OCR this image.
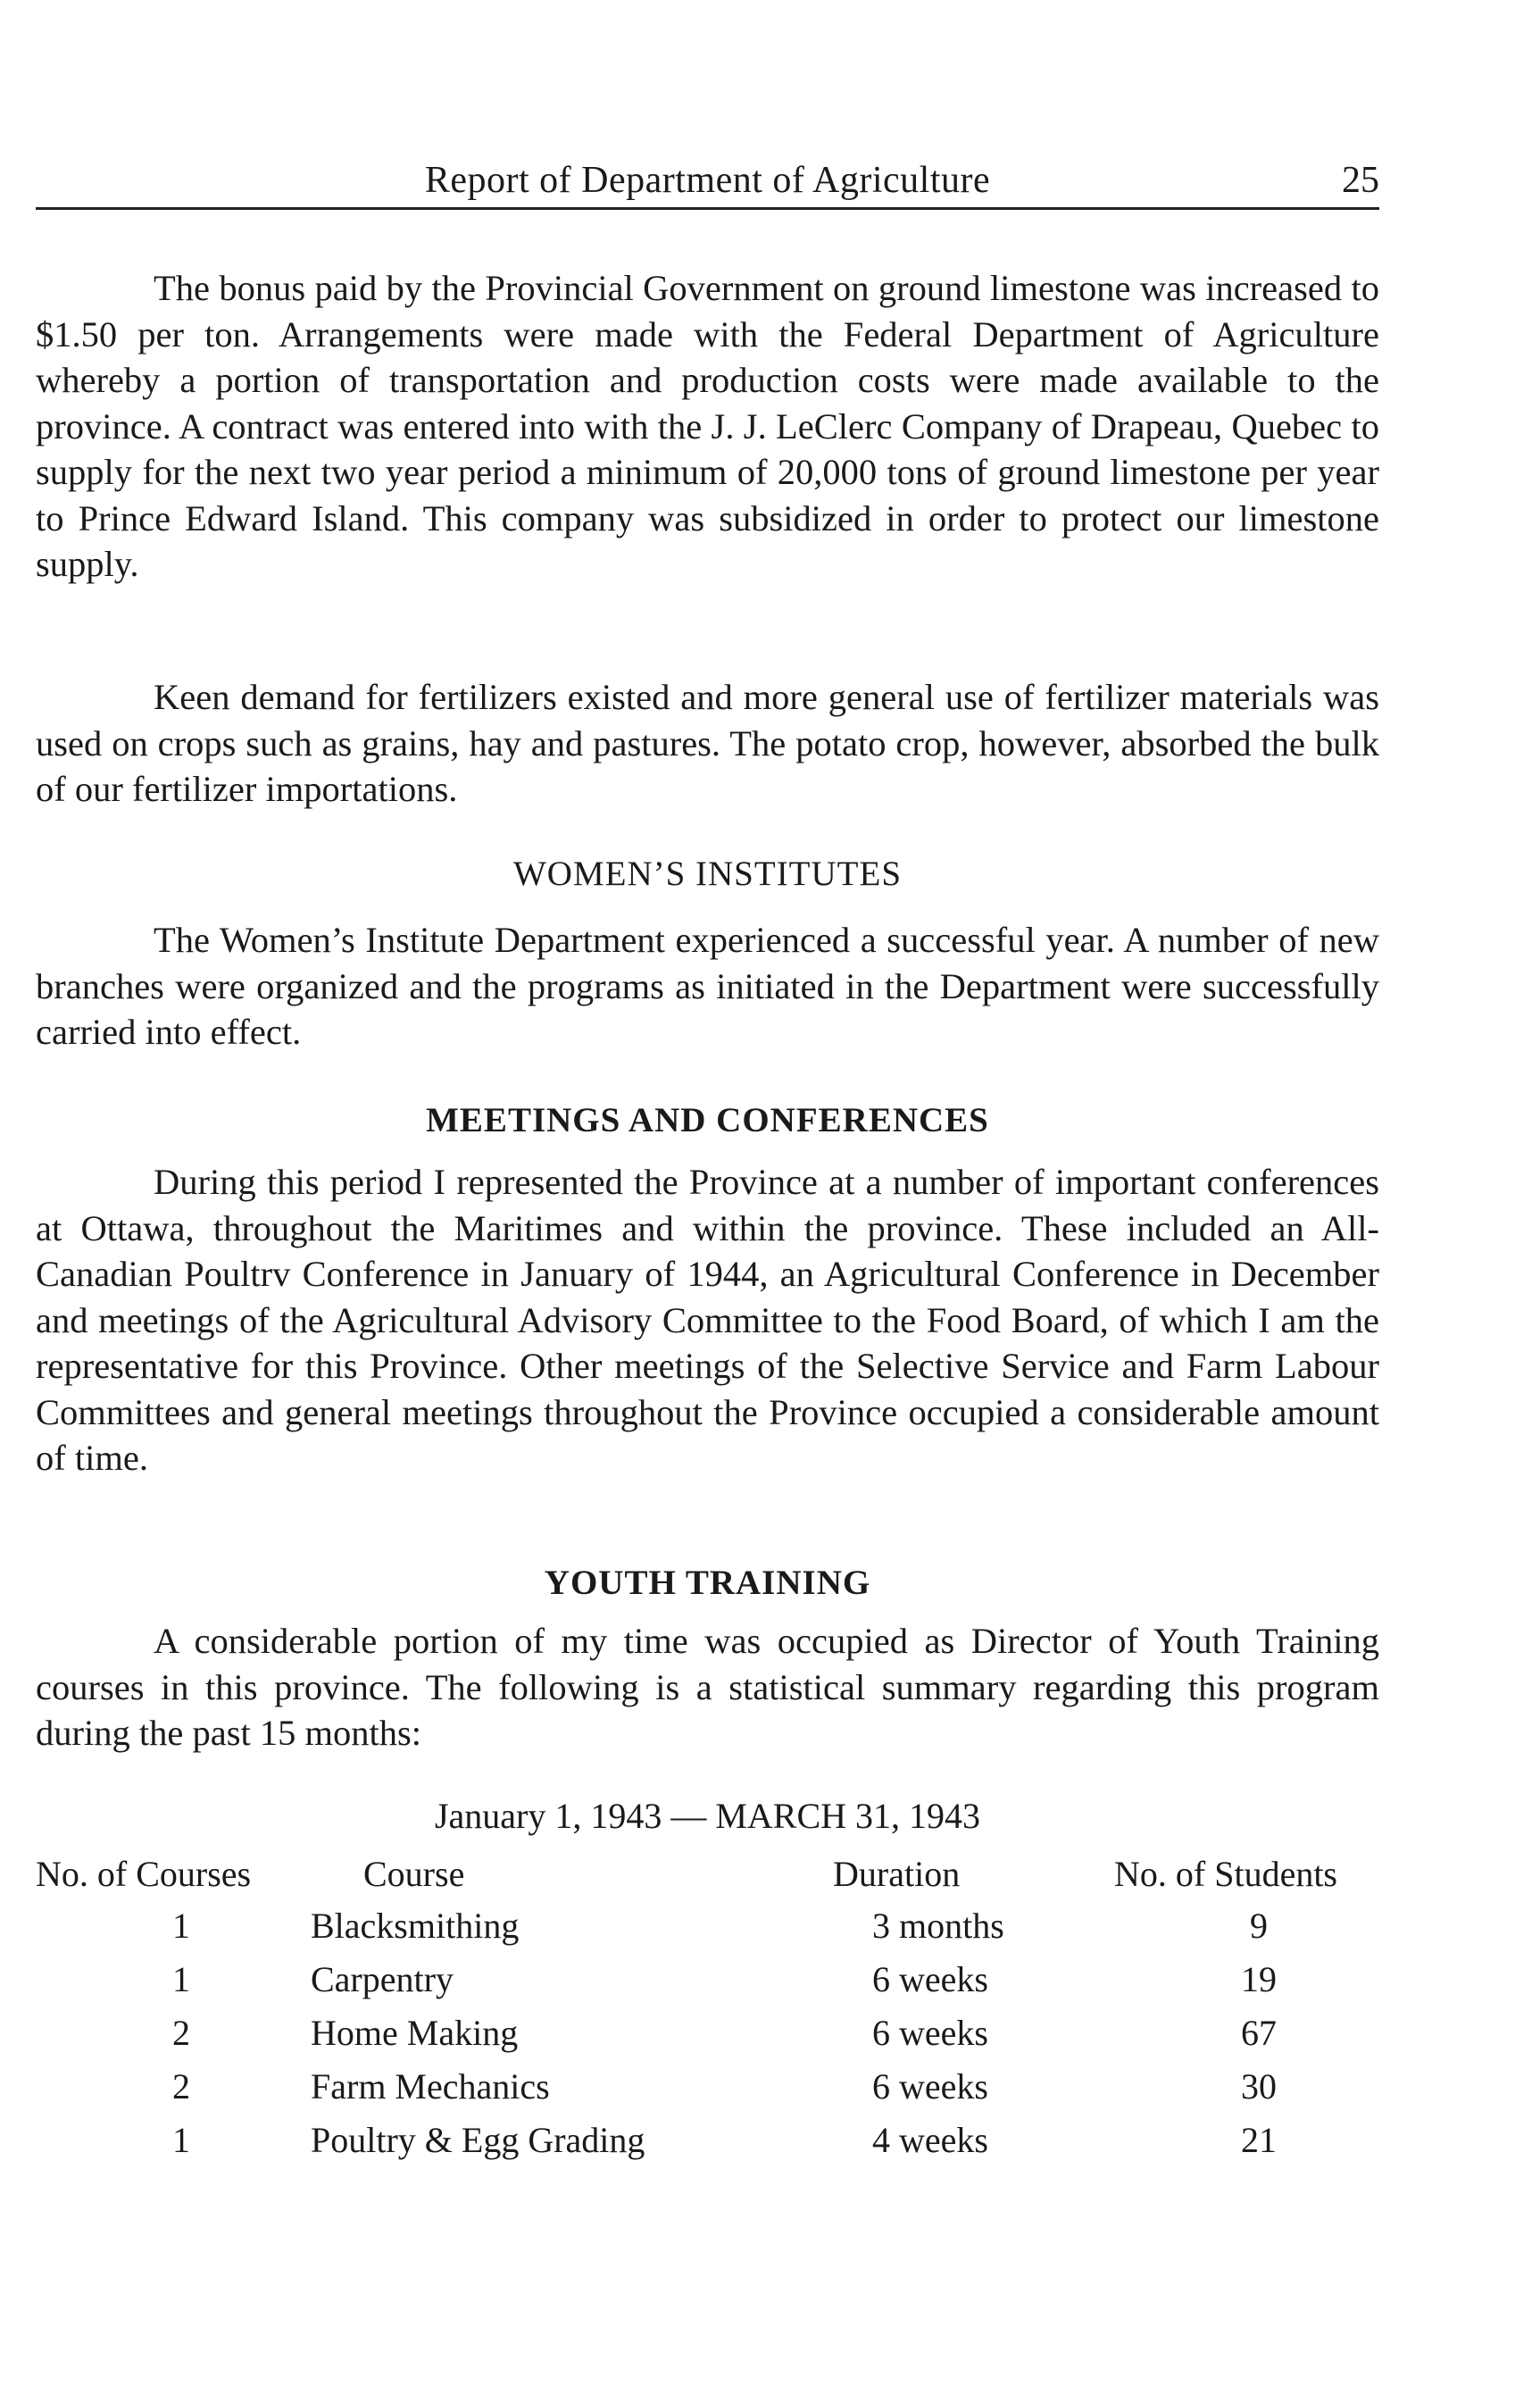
Report of Department of Agriculture	25

The bonus paid by the Provincial Government on ground limestone was increased to $1.50 per ton. Arrangements were made with the Federal Department of Agriculture whereby a portion of transportation and production costs were made available to the province. A contract was entered into with the J. J. LeClerc Company of Drapeau, Quebec to supply for the next two year period a minimum of 20,000 tons of ground limestone per year to Prince Edward Island. This company was subsidized in order to protect our limestone supply.

Keen demand for fertilizers existed and more general use of fertilizer materials was used on crops such as grains, hay and pastures. The potato crop, however, absorbed the bulk of our fertilizer importations.

WOMEN’S INSTITUTES

The Women’s Institute Department experienced a successful year. A number of new branches were organized and the programs as initiated in the Department were successfully carried into effect.

MEETINGS AND CONFERENCES

During this period I represented the Province at a number of important conferences at Ottawa, throughout the Maritimes and within the province. These included an All-Canadian Poultrv Conference in January of 1944, an Agricultural Conference in December and meetings of the Agricultural Advisory Committee to the Food Board, of which I am the representative for this Province. Other meetings of the Selective Service and Farm Labour Committees and general meetings throughout the Province occupied a considerable amount of time.

YOUTH TRAINING

A considerable portion of my time was occupied as Director of Youth Training courses in this province. The following is a statistical summary regarding this program during the past 15 months:

January 1, 1943 — MARCH 31, 1943
No. of Courses	Course	Duration	No. of Students
1	Blacksmithing	3 months	9
1	Carpentry	6 weeks	19
2	Home Making	6 weeks	67
2	Farm Mechanics	6 weeks	30
1	Poultry & Egg Grading	4 weeks	21
